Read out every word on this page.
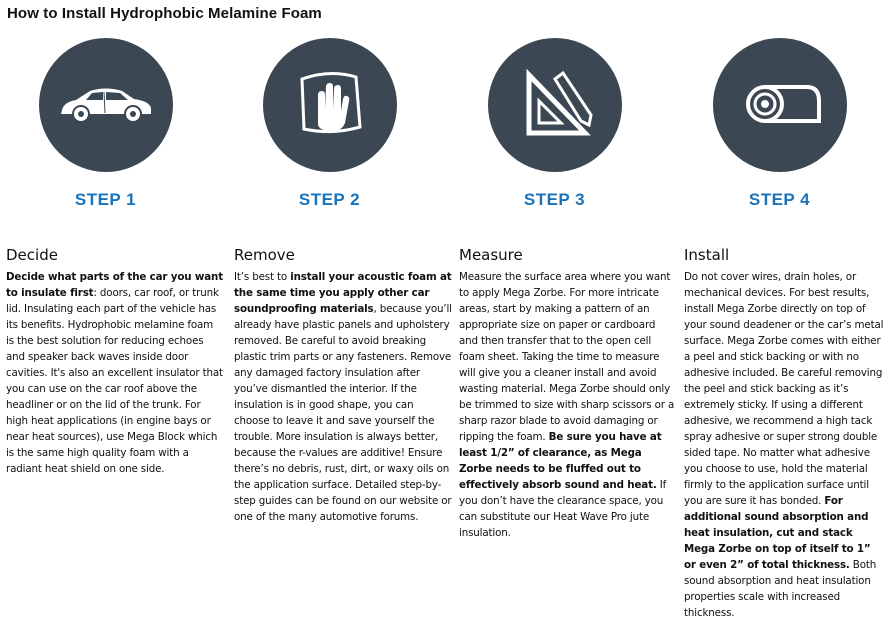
How to Install Hydrophobic Melamine Foam
STEP 1	STEP 2	STEP 3	STEP 4
Decide

Decide what parts of the car you want to insulate first: doors, car roof, or trunk lid. Insulating each part of the vehicle has its benefits. Hydrophobic melamine foam is the best solution for reducing echoes and speaker back waves inside door cavities. It's also an excellent insulator that you can use on the car roof above the headliner or on the lid of the trunk. For high heat applications (in engine bays or near heat sources), use Mega Block which is the same high quality foam with a radiant heat shield on one side.

Remove

It’s best to install your acoustic foam at the same time you apply other car soundproofing materials, because you’ll already have plastic panels and upholstery removed. Be careful to avoid breaking plastic trim parts or any fasteners. Remove any damaged factory insulation after you’ve dismantled the interior. If the insulation is in good shape, you can choose to leave it and save yourself the trouble. More insulation is always better, because the r-values are additive! Ensure there’s no debris, rust, dirt, or waxy oils on the application surface. Detailed step-by-step guides can be found on our website or one of the many automotive forums.

Measure

Measure the surface area where you want to apply Mega Zorbe. For more intricate areas, start by making a pattern of an appropriate size on paper or cardboard and then transfer that to the open cell foam sheet. Taking the time to measure will give you a cleaner install and avoid wasting material. Mega Zorbe should only be trimmed to size with sharp scissors or a sharp razor blade to avoid damaging or ripping the foam. Be sure you have at least 1/2” of clearance, as Mega Zorbe needs to be fluffed out to effectively absorb sound and heat. If you don’t have the clearance space, you can substitute our Heat Wave Pro jute insulation.

Install

Do not cover wires, drain holes, or mechanical devices. For best results, install Mega Zorbe directly on top of your sound deadener or the car’s metal surface. Mega Zorbe comes with either a peel and stick backing or with no adhesive included. Be careful removing the peel and stick backing as it’s extremely sticky. If using a different adhesive, we recommend a high tack spray adhesive or super strong double sided tape. No matter what adhesive you choose to use, hold the material firmly to the application surface until you are sure it has bonded. For additional sound absorption and heat insulation, cut and stack Mega Zorbe on top of itself to 1” or even 2” of total thickness. Both sound absorption and heat insulation properties scale with increased thickness.
